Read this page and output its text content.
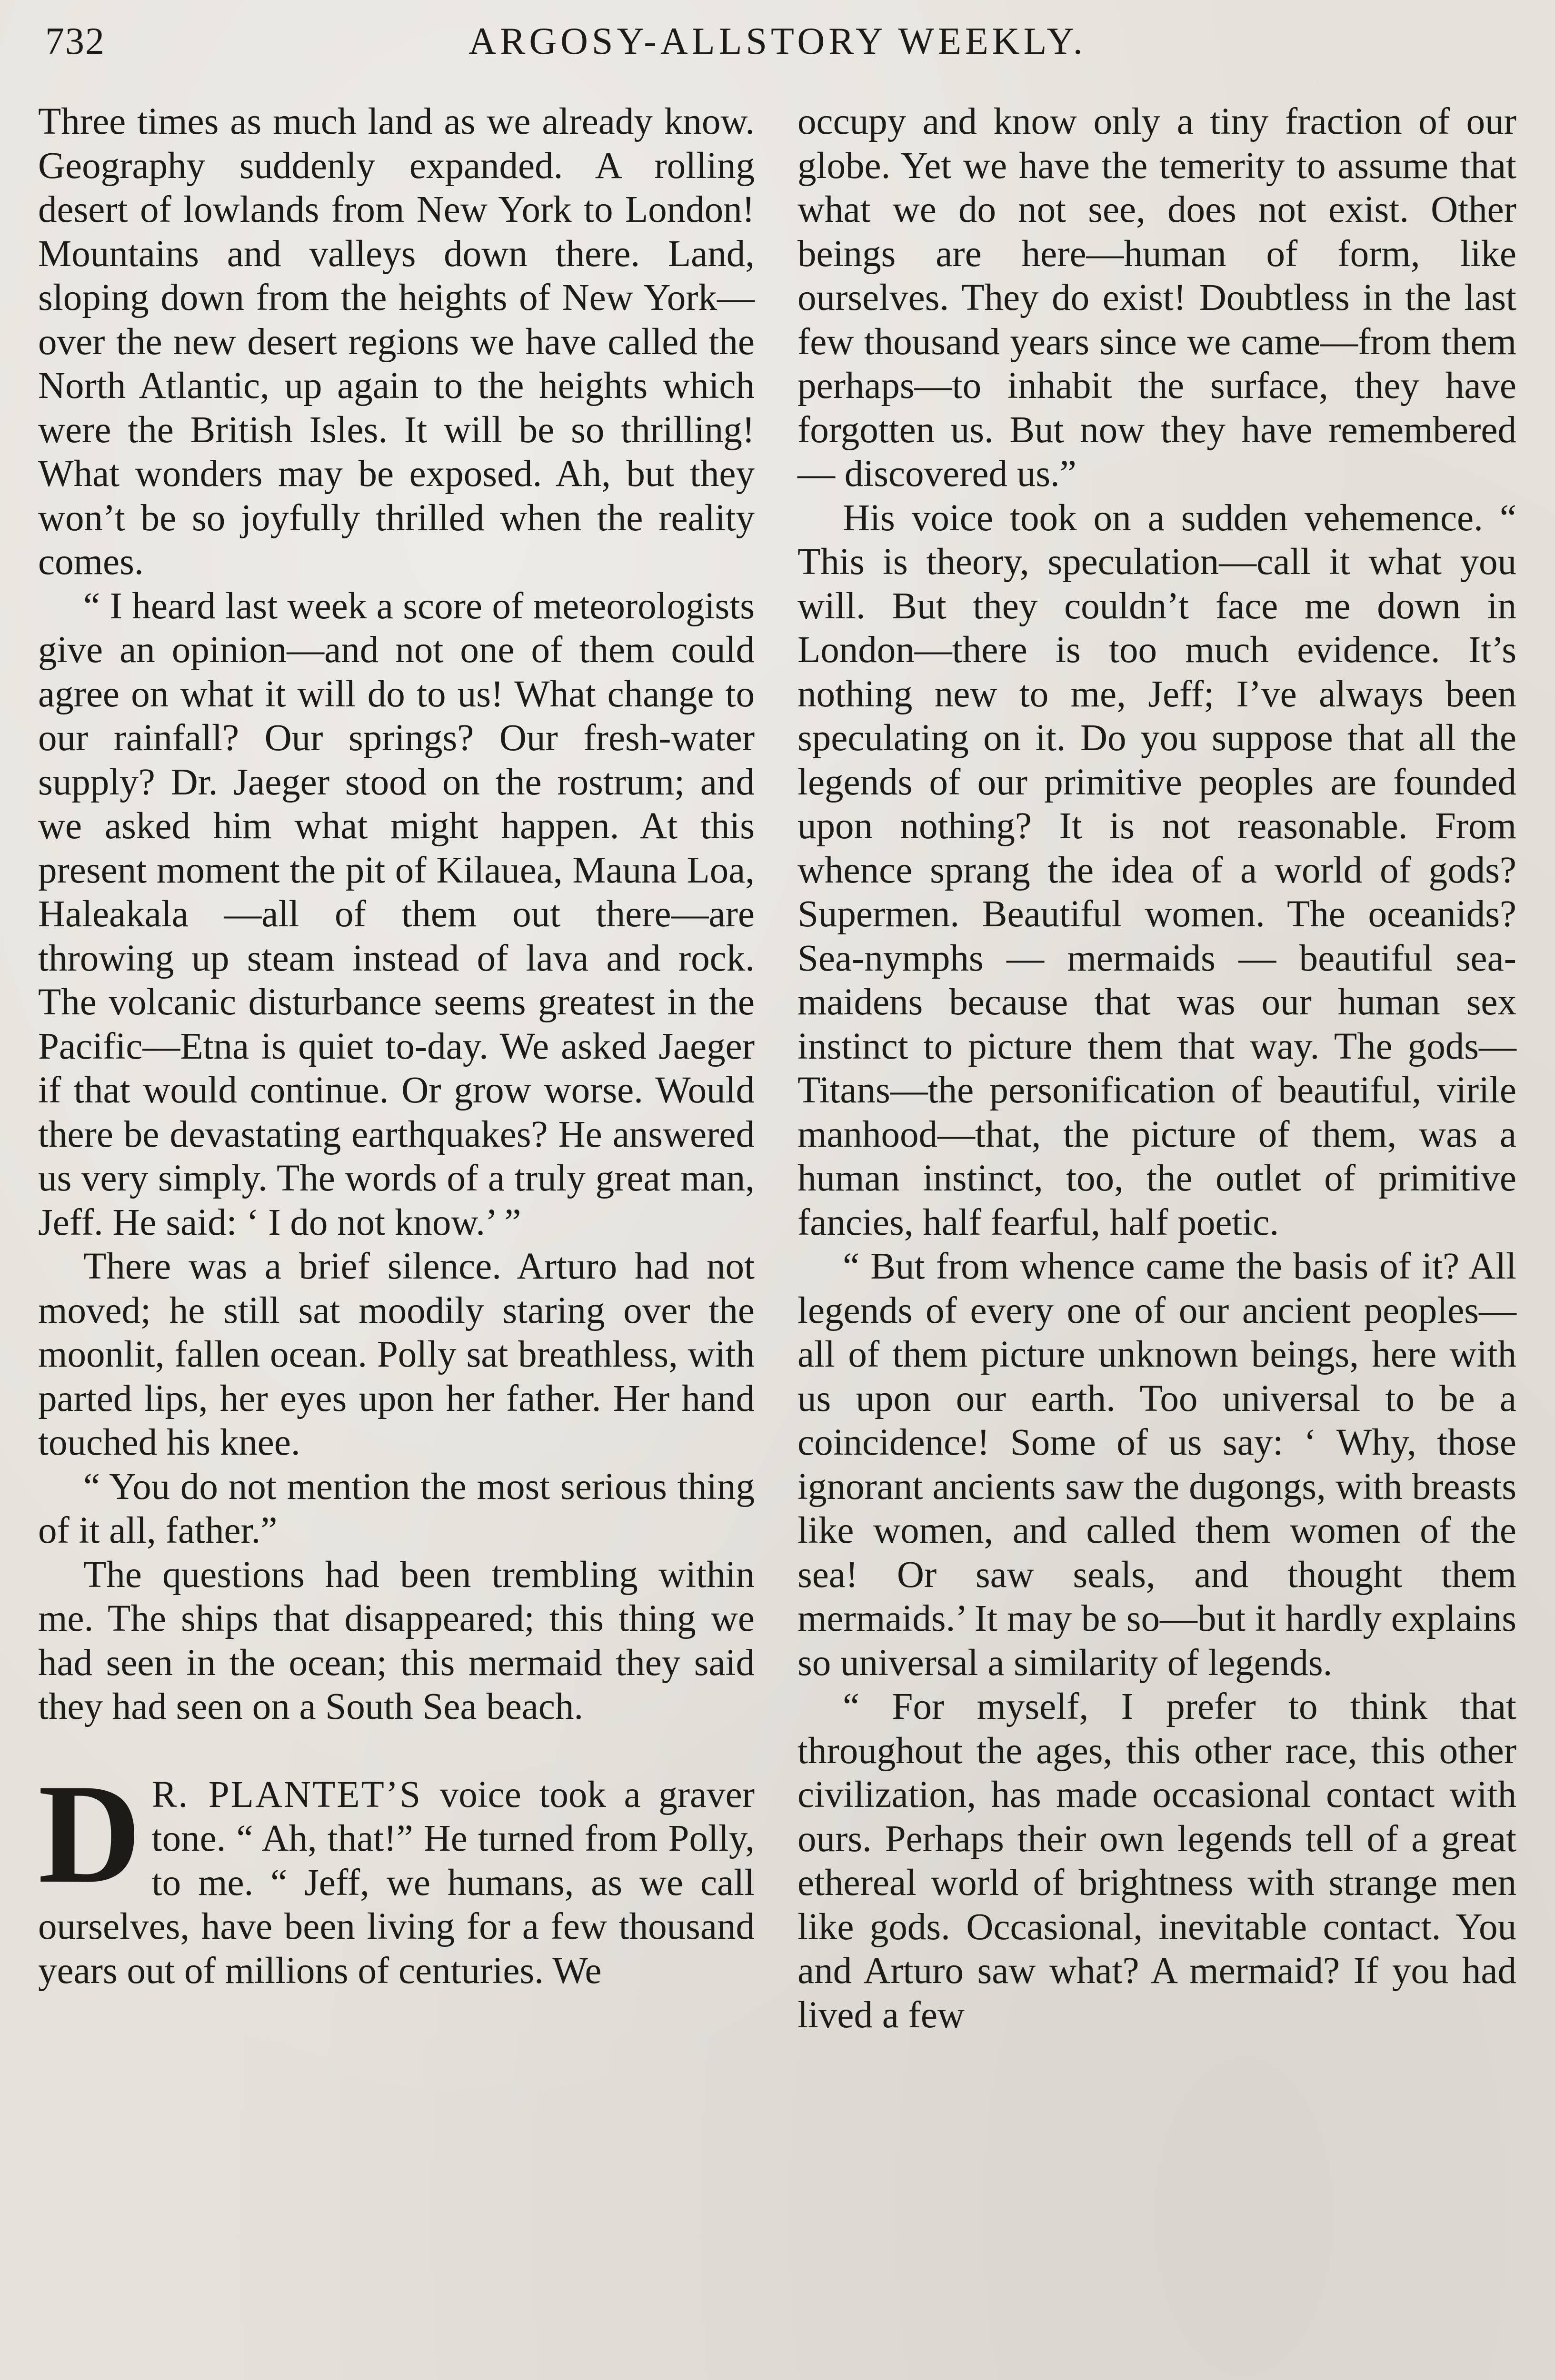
732	ARGOSY-ALLSTORY WEEKLY.

Three times as much land as we already know. Geography suddenly expanded. A rolling desert of lowlands from New York to London! Mountains and valleys down there. Land, sloping down from the heights of New York—over the new desert regions we have called the North Atlantic, up again to the heights which were the British Isles. It will be so thrilling! What wonders may be exposed. Ah, but they won’t be so joyfully thrilled when the reality comes.

“ I heard last week a score of meteorologists give an opinion—and not one of them could agree on what it will do to us! What change to our rainfall? Our springs? Our fresh-water supply? Dr. Jaeger stood on the rostrum; and we asked him what might happen. At this present moment the pit of Kilauea, Mauna Loa, Haleakala —all of them out there—are throwing up steam instead of lava and rock. The volcanic disturbance seems greatest in the Pacific—Etna is quiet to-day. We asked Jaeger if that would continue. Or grow worse. Would there be devastating earthquakes? He answered us very simply. The words of a truly great man, Jeff. He said: ‘ I do not know.’ ”

There was a brief silence. Arturo had not moved; he still sat moodily staring over the moonlit, fallen ocean. Polly sat breathless, with parted lips, her eyes upon her father. Her hand touched his knee.

“ You do not mention the most serious thing of it all, father.”

The questions had been trembling within me. The ships that disappeared; this thing we had seen in the ocean; this mermaid they said they had seen on a South Sea beach.

D R. PLANTET’S voice took a graver tone. “ Ah, that!” He turned from Polly, to me. “ Jeff, we humans, as we call ourselves, have been living for a few thousand years out of millions of centuries. We

occupy and know only a tiny fraction of our globe. Yet we have the temerity to assume that what we do not see, does not exist. Other beings are here—human of form, like ourselves. They do exist! Doubtless in the last few thousand years since we came—from them perhaps—to inhabit the surface, they have forgotten us. But now they have remembered — discovered us.”

His voice took on a sudden vehemence. “ This is theory, speculation—call it what you will. But they couldn’t face me down in London—there is too much evidence. It’s nothing new to me, Jeff; I’ve always been speculating on it. Do you suppose that all the legends of our primitive peoples are founded upon nothing? It is not reasonable. From whence sprang the idea of a world of gods? Supermen. Beautiful women. The oceanids? Sea-nymphs — mermaids — beautiful sea-maidens because that was our human sex instinct to picture them that way. The gods—Titans—the personification of beautiful, virile manhood—that, the picture of them, was a human instinct, too, the outlet of primitive fancies, half fearful, half poetic.

“ But from whence came the basis of it? All legends of every one of our ancient peoples—all of them picture unknown beings, here with us upon our earth. Too universal to be a coincidence! Some of us say: ‘ Why, those ignorant ancients saw the dugongs, with breasts like women, and called them women of the sea! Or saw seals, and thought them mermaids.’ It may be so—but it hardly explains so universal a similarity of legends.

“ For myself, I prefer to think that throughout the ages, this other race, this other civilization, has made occasional contact with ours. Perhaps their own legends tell of a great ethereal world of brightness with strange men like gods. Occasional, inevitable contact. You and Arturo saw what? A mermaid? If you had lived a few
